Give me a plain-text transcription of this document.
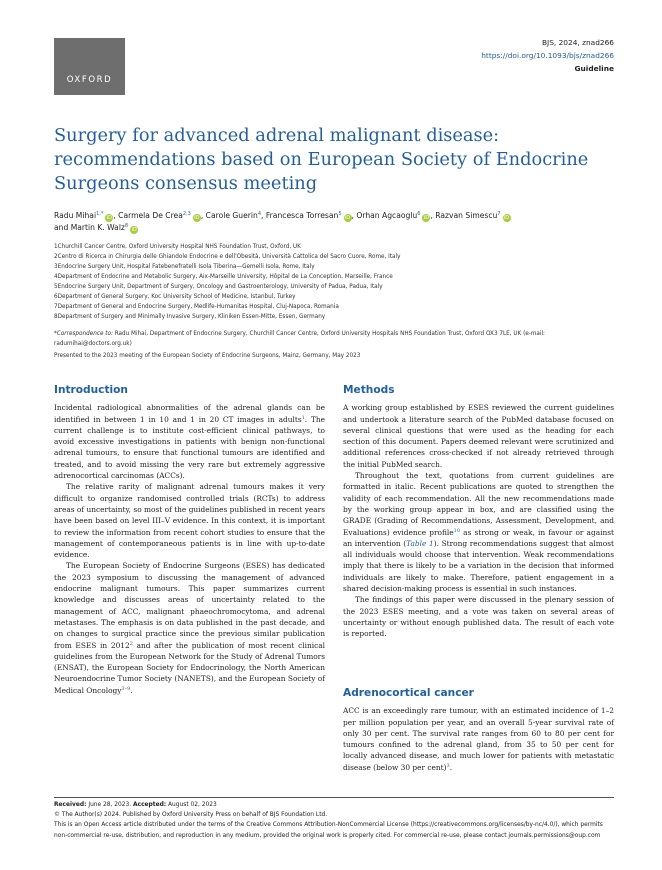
OXFORD
BJS, 2024, znad266
https://doi.org/10.1093/bjs/znad266
Guideline
Surgery for advanced adrenal malignant disease: recommendations based on European Society of Endocrine Surgeons consensus meeting
Radu Mihai$^{1,*}$iD, Carmela De Crea$^{2,3}$iD, Carole Guerin$^4$, Francesca Torresan$^5$iD, Orhan Agcaoglu$^6$iD, Razvan Simescu$^7$iD
and Martin K. Walz$^8$iD
1Churchill Cancer Centre, Oxford University Hospital NHS Foundation Trust, Oxford, UK
2Centro di Ricerca in Chirurgia delle Ghiandole Endocrine e dell'Obesità, Università Cattolica del Sacro Cuore, Rome, Italy
3Endocrine Surgery Unit, Hospital Fatebenefratelli Isola Tiberina—Gemelli Isola, Rome, Italy
4Department of Endocrine and Metabolic Surgery, Aix-Marseille University, Hôpital de La Conception, Marseille, France
5Endocrine Surgery Unit, Department of Surgery, Oncology and Gastroenterology, University of Padua, Padua, Italy
6Department of General Surgery, Koc University School of Medicine, Istanbul, Turkey
7Department of General and Endocrine Surgery, Medlife-Humanitas Hospital, Cluj-Napoca, Romania
8Department of Surgery and Minimally Invasive Surgery, Kliniken Essen-Mitte, Essen, Germany
*Correspondence to: Radu Mihai, Department of Endocrine Surgery, Churchill Cancer Centre, Oxford University Hospitals NHS Foundation Trust, Oxford OX3 7LE, UK (e-mail: radumihai@doctors.org.uk)
Presented to the 2023 meeting of the European Society of Endocrine Surgeons, Mainz, Germany, May 2023
Introduction

Incidental radiological abnormalities of the adrenal glands can be identified in between 1 in 10 and 1 in 20 CT images in adults$^1$. The current challenge is to institute cost-efficient clinical pathways, to avoid excessive investigations in patients with benign non-functional adrenal tumours, to ensure that functional tumours are identified and treated, and to avoid missing the very rare but extremely aggressive adrenocortical carcinomas (ACCs).

The relative rarity of malignant adrenal tumours makes it very difficult to organize randomised controlled trials (RCTs) to address areas of uncertainty, so most of the guidelines published in recent years have been based on level III–V evidence. In this context, it is important to review the information from recent cohort studies to ensure that the management of contemporaneous patients is in line with up-to-date evidence.

The European Society of Endocrine Surgeons (ESES) has dedicated the 2023 symposium to discussing the management of advanced endocrine malignant tumours. This paper summarizes current knowledge and discusses areas of uncertainty related to the management of ACC, malignant phaeochromocytoma, and adrenal metastases. The emphasis is on data published in the past decade, and on changes to surgical practice since the previous similar publication from ESES in 2012$^2$ and after the publication of most recent clinical guidelines from the European Network for the Study of Adrenal Tumors (ENSAT), the European Society for Endocrinology, the North American Neuroendocrine Tumor Society (NANETS), and the European Society of Medical Oncology$^{3-9}$.

Methods

A working group established by ESES reviewed the current guidelines and undertook a literature search of the PubMed database focused on several clinical questions that were used as the heading for each section of this document. Papers deemed relevant were scrutinized and additional references cross-checked if not already retrieved through the initial PubMed search.

Throughout the text, quotations from current guidelines are formatted in italic. Recent publications are quoted to strengthen the validity of each recommendation. All the new recommendations made by the working group appear in box, and are classified using the GRADE (Grading of Recommendations, Assessment, Development, and Evaluations) evidence profile$^{10}$ as strong or weak, in favour or against an intervention (Table 1). Strong recommendations suggest that almost all individuals would choose that intervention. Weak recommendations imply that there is likely to be a variation in the decision that informed individuals are likely to make. Therefore, patient engagement in a shared decision-making process is essential in such instances.

The findings of this paper were discussed in the plenary session of the 2023 ESES meeting, and a vote was taken on several areas of uncertainty or without enough published data. The result of each vote is reported.

Adrenocortical cancer

ACC is an exceedingly rare tumour, with an estimated incidence of 1–2 per million population per year, and an overall 5-year survival rate of only 30 per cent. The survival rate ranges from 60 to 80 per cent for tumours confined to the adrenal gland, from 35 to 50 per cent for locally advanced disease, and much lower for patients with metastatic disease (below 30 per cent)$^3$.

Received: June 28, 2023. Accepted: August 02, 2023
© The Author(s) 2024. Published by Oxford University Press on behalf of BJS Foundation Ltd.
This is an Open Access article distributed under the terms of the Creative Commons Attribution-NonCommercial License (https://creativecommons.org/licenses/by-nc/4.0/), which permits non-commercial re-use, distribution, and reproduction in any medium, provided the original work is properly cited. For commercial re-use, please contact journals.permissions@oup.com
